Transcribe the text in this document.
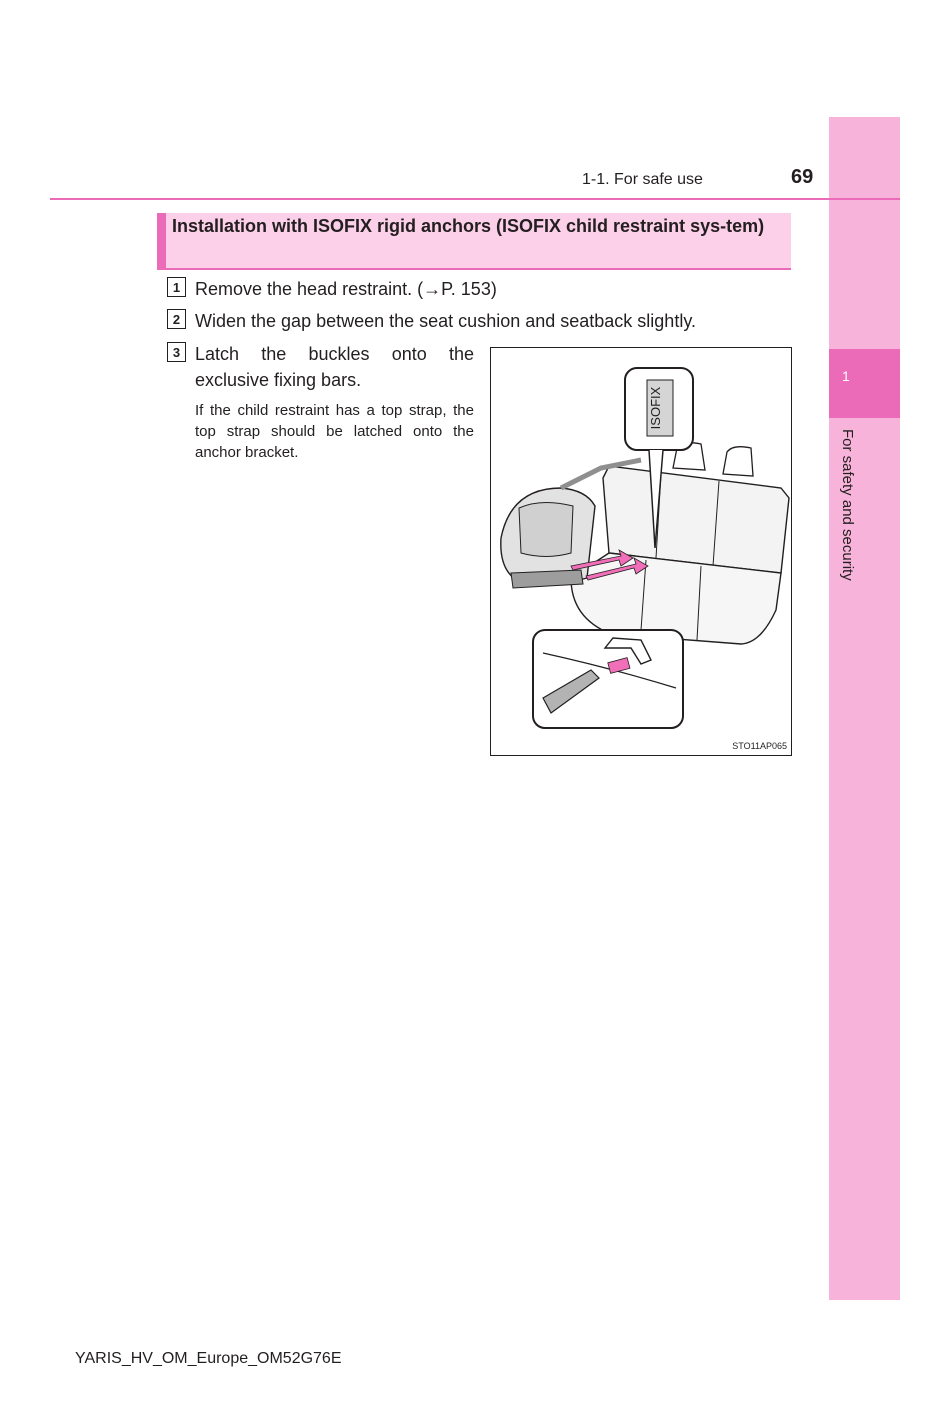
1
For safety and security
1-1. For safe use	69
Installation with ISOFIX rigid anchors (ISOFIX child restraint sys-tem)
1 Remove the head restraint. (→P. 153)
2 Widen the gap between the seat cushion and seatback slightly.
3 Latch the buckles onto the exclusive fixing bars.
If the child restraint has a top strap, the top strap should be latched onto the anchor bracket.
ISOFIX
STO11AP065
YARIS_HV_OM_Europe_OM52G76E
